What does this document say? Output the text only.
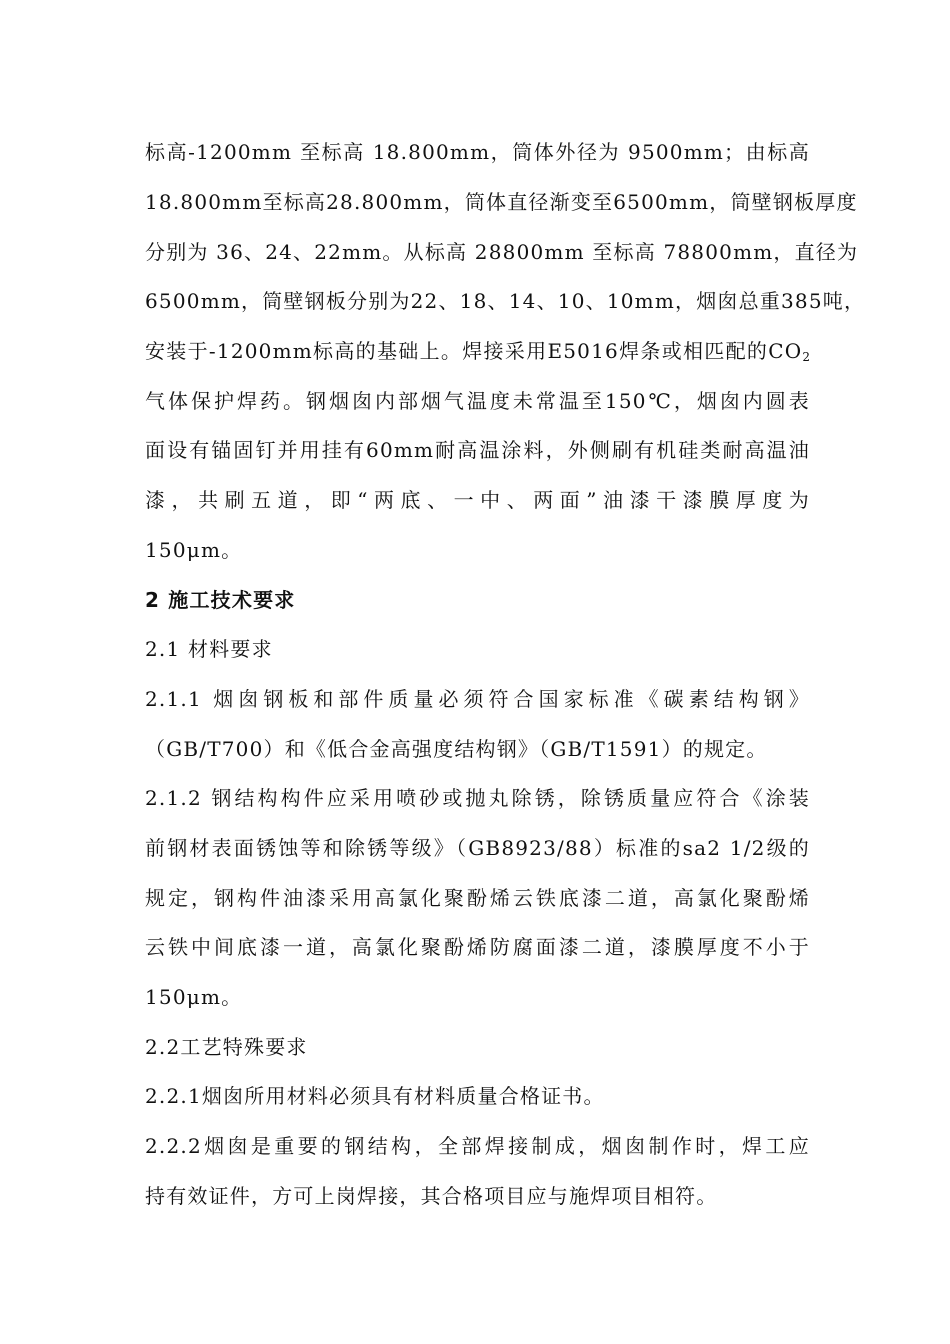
标高-1200mm 至标高 18.800mm，筒体外径为 9500mm；由标高
18.800mm至标高28.800mm，筒体直径渐变至6500mm，筒壁钢板厚度
分别为 36、24、22mm。从标高 28800mm 至标高 78800mm，直径为
6500mm，筒壁钢板分别为22、18、14、10、10mm，烟囱总重385吨，
安装于-1200mm标高的基础上。焊接采用E5016焊条或相匹配的$CO_2$
气体保护焊药。钢烟囱内部烟气温度未常温至150℃，烟囱内圆表
面设有锚固钉并用挂有60mm耐高温涂料，外侧刷有机硅类耐高温油
漆，共刷五道，即“两底、一中、两面”油漆干漆膜厚度为
150μm。
2 施工技术要求
2.1 材料要求
2.1.1 烟囱钢板和部件质量必须符合国家标准《碳素结构钢》
（GB/T700）和《低合金高强度结构钢》（GB/T1591）的规定。
2.1.2 钢结构构件应采用喷砂或抛丸除锈，除锈质量应符合《涂装
前钢材表面锈蚀等和除锈等级》（GB8923/88）标准的sa2 1/2级的
规定，钢构件油漆采用高氯化聚酚烯云铁底漆二道，高氯化聚酚烯
云铁中间底漆一道，高氯化聚酚烯防腐面漆二道，漆膜厚度不小于
150μm。
2.2工艺特殊要求
2.2.1烟囱所用材料必须具有材料质量合格证书。
2.2.2烟囱是重要的钢结构，全部焊接制成，烟囱制作时，焊工应
持有效证件，方可上岗焊接，其合格项目应与施焊项目相符。
